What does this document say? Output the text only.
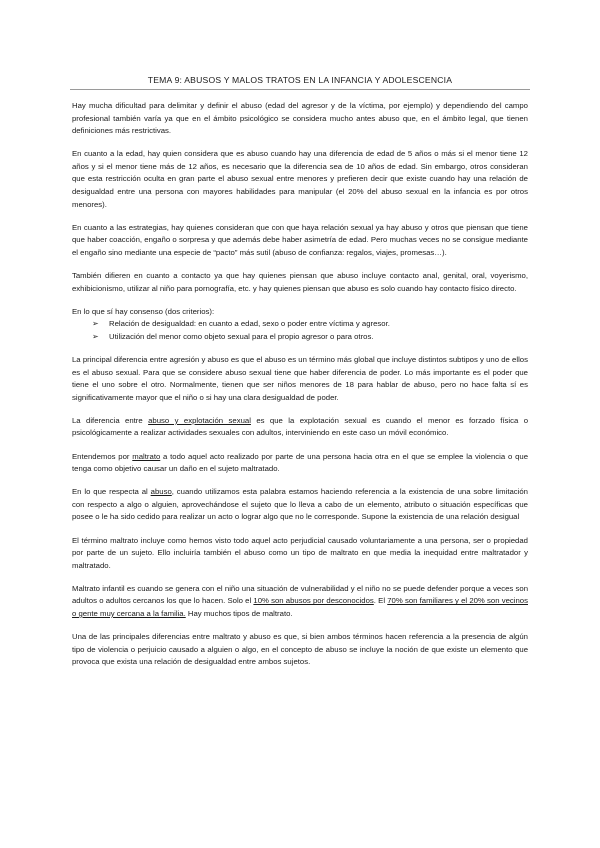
TEMA 9: ABUSOS Y MALOS TRATOS EN LA INFANCIA Y ADOLESCENCIA

Hay mucha dificultad para delimitar y definir el abuso (edad del agresor y de la víctima, por ejemplo) y dependiendo del campo profesional también varía ya que en el ámbito psicológico se considera mucho antes abuso que, en el ámbito legal, que tienen definiciones más restrictivas.

En cuanto a la edad, hay quien considera que es abuso cuando hay una diferencia de edad de 5 años o más si el menor tiene 12 años y si el menor tiene más de 12 años, es necesario que la diferencia sea de 10 años de edad. Sin embargo, otros consideran que esta restricción oculta en gran parte el abuso sexual entre menores y prefieren decir que existe cuando hay una relación de desigualdad entre una persona con mayores habilidades para manipular (el 20% del abuso sexual en la infancia es por otros menores).

En cuanto a las estrategias, hay quienes consideran que con que haya relación sexual ya hay abuso y otros que piensan que tiene que haber coacción, engaño o sorpresa y que además debe haber asimetría de edad. Pero muchas veces no se consigue mediante el engaño sino mediante una especie de “pacto” más sutil (abuso de confianza: regalos, viajes, promesas…).

También difieren en cuanto a contacto ya que hay quienes piensan que abuso incluye contacto anal, genital, oral, voyerismo, exhibicionismo, utilizar al niño para pornografía, etc. y hay quienes piensan que abuso es solo cuando hay contacto físico directo.

En lo que sí hay consenso (dos criterios):

➢ Relación de desigualdad: en cuanto a edad, sexo o poder entre víctima y agresor.
➢ Utilización del menor como objeto sexual para el propio agresor o para otros.

La principal diferencia entre agresión y abuso es que el abuso es un término más global que incluye distintos subtipos y uno de ellos es el abuso sexual. Para que se considere abuso sexual tiene que haber diferencia de poder. Lo más importante es el poder que tiene el uno sobre el otro. Normalmente, tienen que ser niños menores de 18 para hablar de abuso, pero no hace falta sí es significativamente mayor que el niño o si hay una clara desigualdad de poder.

La diferencia entre abuso y explotación sexual es que la explotación sexual es cuando el menor es forzado física o psicológicamente a realizar actividades sexuales con adultos, interviniendo en este caso un móvil económico.

Entendemos por maltrato a todo aquel acto realizado por parte de una persona hacia otra en el que se emplee la violencia o que tenga como objetivo causar un daño en el sujeto maltratado.

En lo que respecta al abuso, cuando utilizamos esta palabra estamos haciendo referencia a la existencia de una sobre limitación con respecto a algo o alguien, aprovechándose el sujeto que lo lleva a cabo de un elemento, atributo o situación específicas que posee o le ha sido cedido para realizar un acto o lograr algo que no le corresponde. Supone la existencia de una relación desigual

El término maltrato incluye como hemos visto todo aquel acto perjudicial causado voluntariamente a una persona, ser o propiedad por parte de un sujeto. Ello incluiría también el abuso como un tipo de maltrato en que media la inequidad entre maltratador y maltratado.

Maltrato infantil es cuando se genera con el niño una situación de vulnerabilidad y el niño no se puede defender porque a veces son adultos o adultos cercanos los que lo hacen. Solo el 10% son abusos por desconocidos. El 70% son familiares y el 20% son vecinos o gente muy cercana a la familia. Hay muchos tipos de maltrato.

Una de las principales diferencias entre maltrato y abuso es que, si bien ambos términos hacen referencia a la presencia de algún tipo de violencia o perjuicio causado a alguien o algo, en el concepto de abuso se incluye la noción de que existe un elemento que provoca que exista una relación de desigualdad entre ambos sujetos.
